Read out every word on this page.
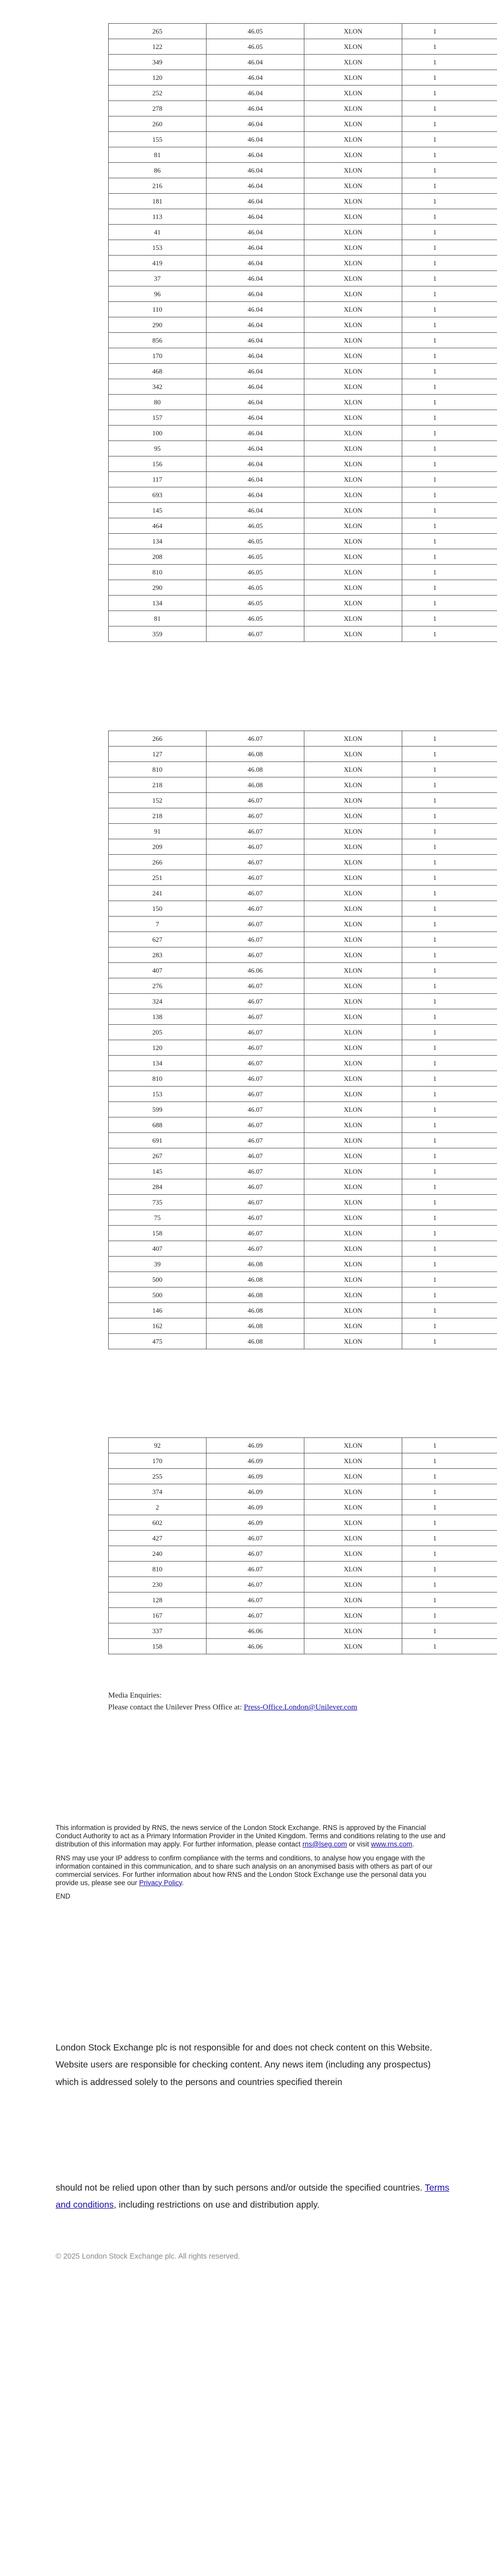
265	46.05	XLON	1
122	46.05	XLON	1
349	46.04	XLON	1
120	46.04	XLON	1
252	46.04	XLON	1
278	46.04	XLON	1
260	46.04	XLON	1
155	46.04	XLON	1
81	46.04	XLON	1
86	46.04	XLON	1
216	46.04	XLON	1
181	46.04	XLON	1
113	46.04	XLON	1
41	46.04	XLON	1
153	46.04	XLON	1
419	46.04	XLON	1
37	46.04	XLON	1
96	46.04	XLON	1
110	46.04	XLON	1
290	46.04	XLON	1
856	46.04	XLON	1
170	46.04	XLON	1
468	46.04	XLON	1
342	46.04	XLON	1
80	46.04	XLON	1
157	46.04	XLON	1
100	46.04	XLON	1
95	46.04	XLON	1
156	46.04	XLON	1
117	46.04	XLON	1
693	46.04	XLON	1
145	46.04	XLON	1
464	46.05	XLON	1
134	46.05	XLON	1
208	46.05	XLON	1
810	46.05	XLON	1
290	46.05	XLON	1
134	46.05	XLON	1
81	46.05	XLON	1
359	46.07	XLON	1
266	46.07	XLON	1
127	46.08	XLON	1
810	46.08	XLON	1
218	46.08	XLON	1
152	46.07	XLON	1
218	46.07	XLON	1
91	46.07	XLON	1
209	46.07	XLON	1
266	46.07	XLON	1
251	46.07	XLON	1
241	46.07	XLON	1
150	46.07	XLON	1
7	46.07	XLON	1
627	46.07	XLON	1
283	46.07	XLON	1
407	46.06	XLON	1
276	46.07	XLON	1
324	46.07	XLON	1
138	46.07	XLON	1
205	46.07	XLON	1
120	46.07	XLON	1
134	46.07	XLON	1
810	46.07	XLON	1
153	46.07	XLON	1
599	46.07	XLON	1
688	46.07	XLON	1
691	46.07	XLON	1
267	46.07	XLON	1
145	46.07	XLON	1
284	46.07	XLON	1
735	46.07	XLON	1
75	46.07	XLON	1
158	46.07	XLON	1
407	46.07	XLON	1
39	46.08	XLON	1
500	46.08	XLON	1
500	46.08	XLON	1
146	46.08	XLON	1
162	46.08	XLON	1
475	46.08	XLON	1
92	46.09	XLON	1
170	46.09	XLON	1
255	46.09	XLON	1
374	46.09	XLON	1
2	46.09	XLON	1
602	46.09	XLON	1
427	46.07	XLON	1
240	46.07	XLON	1
810	46.07	XLON	1
230	46.07	XLON	1
128	46.07	XLON	1
167	46.07	XLON	1
337	46.06	XLON	1
158	46.06	XLON	1
Media Enquiries:
Please contact the Unilever Press Office at: Press-Office.London@Unilever.com

This information is provided by RNS, the news service of the London Stock Exchange. RNS is approved by the Financial Conduct Authority to act as a Primary Information Provider in the United Kingdom. Terms and conditions relating to the use and distribution of this information may apply. For further information, please contact rns@lseg.com or visit www.rns.com.

RNS may use your IP address to confirm compliance with the terms and conditions, to analyse how you engage with the information contained in this communication, and to share such analysis on an anonymised basis with others as part of our commercial services. For further information about how RNS and the London Stock Exchange use the personal data you provide us, please see our Privacy Policy.

END

London Stock Exchange plc is not responsible for and does not check content on this Website. Website users are responsible for checking content. Any news item (including any prospectus) which is addressed solely to the persons and countries specified therein
should not be relied upon other than by such persons and/or outside the specified countries. Terms and conditions, including restrictions on use and distribution apply.
© 2025 London Stock Exchange plc. All rights reserved.
